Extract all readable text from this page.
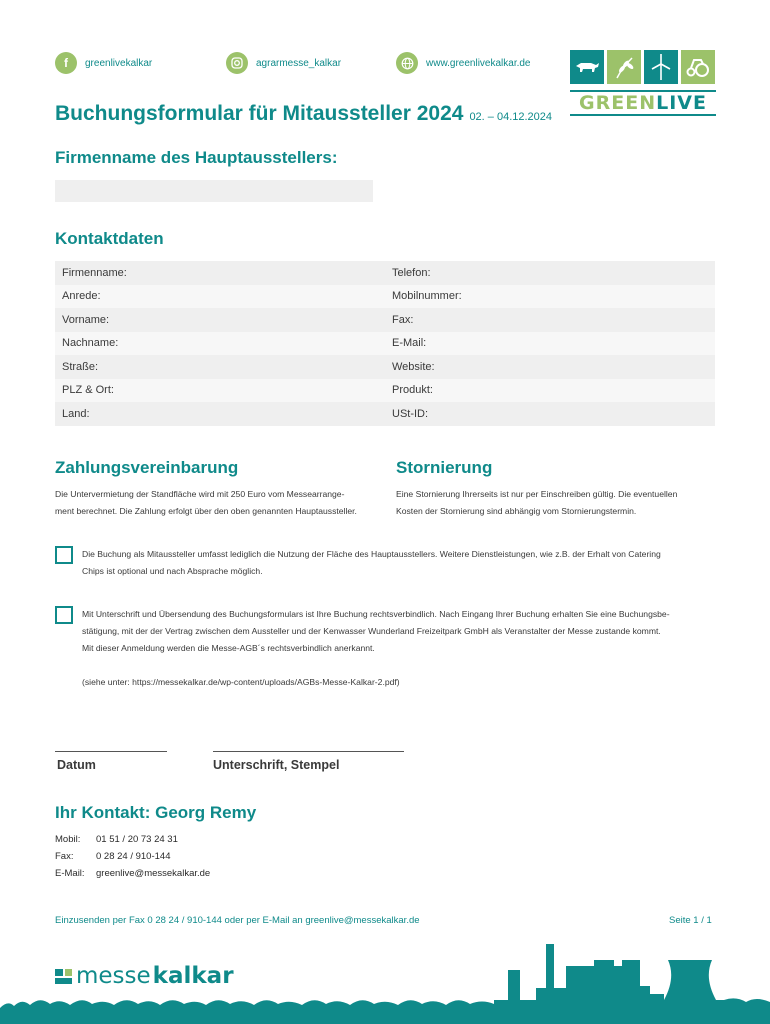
f	greenlivekalkar	agrarmesse_kalkar	www.greenlivekalkar.de
GREEN LIVE
Buchungsformular für Mitaussteller 2024 02. – 04.12.2024
Firmenname des Hauptausstellers:
Kontaktdaten
Firmenname:	Telefon:
Anrede:	Mobilnummer:
Vorname:	Fax:
Nachname:	E-Mail:
Straße:	Website:
PLZ & Ort:	Produkt:
Land:	USt-ID:
Zahlungsvereinbarung
Die Untervermietung der Standfläche wird mit 250 Euro vom Messearrange-
ment berechnet. Die Zahlung erfolgt über den oben genannten Hauptaussteller.
Stornierung
Eine Stornierung Ihrerseits ist nur per Einschreiben gültig. Die eventuellen
Kosten der Stornierung sind abhängig vom Stornierungstermin.
Die Buchung als Mitaussteller umfasst lediglich die Nutzung der Fläche des Hauptausstellers. Weitere Dienstleistungen, wie z.B. der Erhalt von Catering
Chips ist optional und nach Absprache möglich.
Mit Unterschrift und Übersendung des Buchungsformulars ist Ihre Buchung rechtsverbindlich. Nach Eingang Ihrer Buchung erhalten Sie eine Buchungsbe-
stätigung, mit der der Vertrag zwischen dem Aussteller und der Kenwasser Wunderland Freizeitpark GmbH als Veranstalter der Messe zustande kommt.
Mit dieser Anmeldung werden die Messe-AGB´s rechtsverbindlich anerkannt.
(siehe unter: https://messekalkar.de/wp-content/uploads/AGBs-Messe-Kalkar-2.pdf)
Datum	Unterschrift, Stempel
Ihr Kontakt: Georg Remy
Mobil:	01 51 / 20 73 24 31
Fax:	0 28 24 / 910-144
E-Mail:	greenlive@messekalkar.de
Einzusenden per Fax 0 28 24 / 910-144 oder per E-Mail an greenlive@messekalkar.de	Seite 1 / 1
messe kalkar
